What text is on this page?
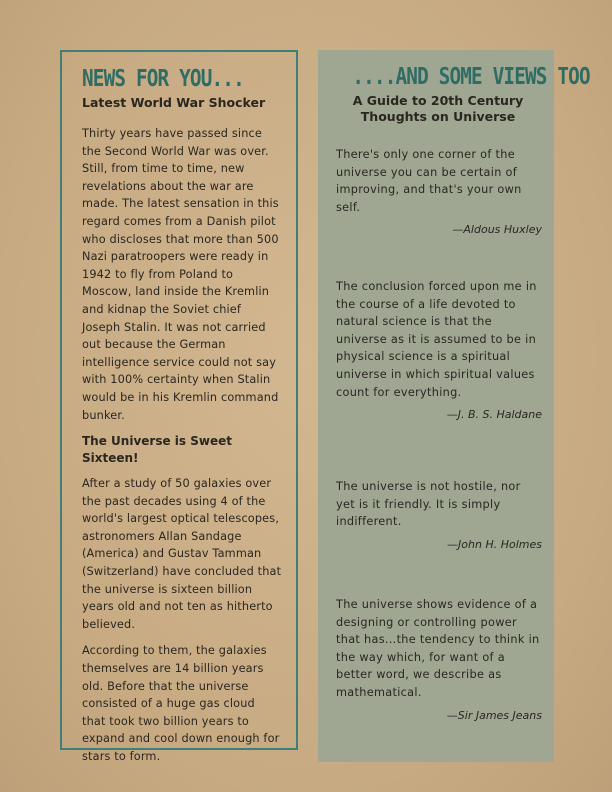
NEWS FOR YOU...
Latest World War Shocker

Thirty years have passed since the Second World War was over. Still, from time to time, new revelations about the war are made. The latest sensation in this regard comes from a Danish pilot who discloses that more than 500 Nazi paratroopers were ready in 1942 to fly from Poland to Moscow, land inside the Kremlin and kidnap the Soviet chief Joseph Stalin. It was not carried out because the German intelligence service could not say with 100% certainty when Stalin would be in his Kremlin command bunker.

The Universe is Sweet Sixteen!

After a study of 50 galaxies over the past decades using 4 of the world's largest optical telescopes, astronomers Allan Sandage (America) and Gustav Tamman (Switzerland) have concluded that the universe is sixteen billion years old and not ten as hitherto believed.

According to them, the galaxies themselves are 14 billion years old. Before that the universe consisted of a huge gas cloud that took two billion years to expand and cool down enough for stars to form.

....AND SOME VIEWS TOO
A Guide to 20th Century Thoughts on Universe

There's only one corner of the universe you can be certain of improving, and that's your own self.

—Aldous Huxley

The conclusion forced upon me in the course of a life devoted to natural science is that the universe as it is assumed to be in physical science is a spiritual universe in which spiritual values count for everything.

—J. B. S. Haldane

The universe is not hostile, nor yet is it friendly. It is simply indifferent.

—John H. Holmes

The universe shows evidence of a designing or controlling power that has...the tendency to think in the way which, for want of a better word, we describe as mathematical.

—Sir James Jeans
